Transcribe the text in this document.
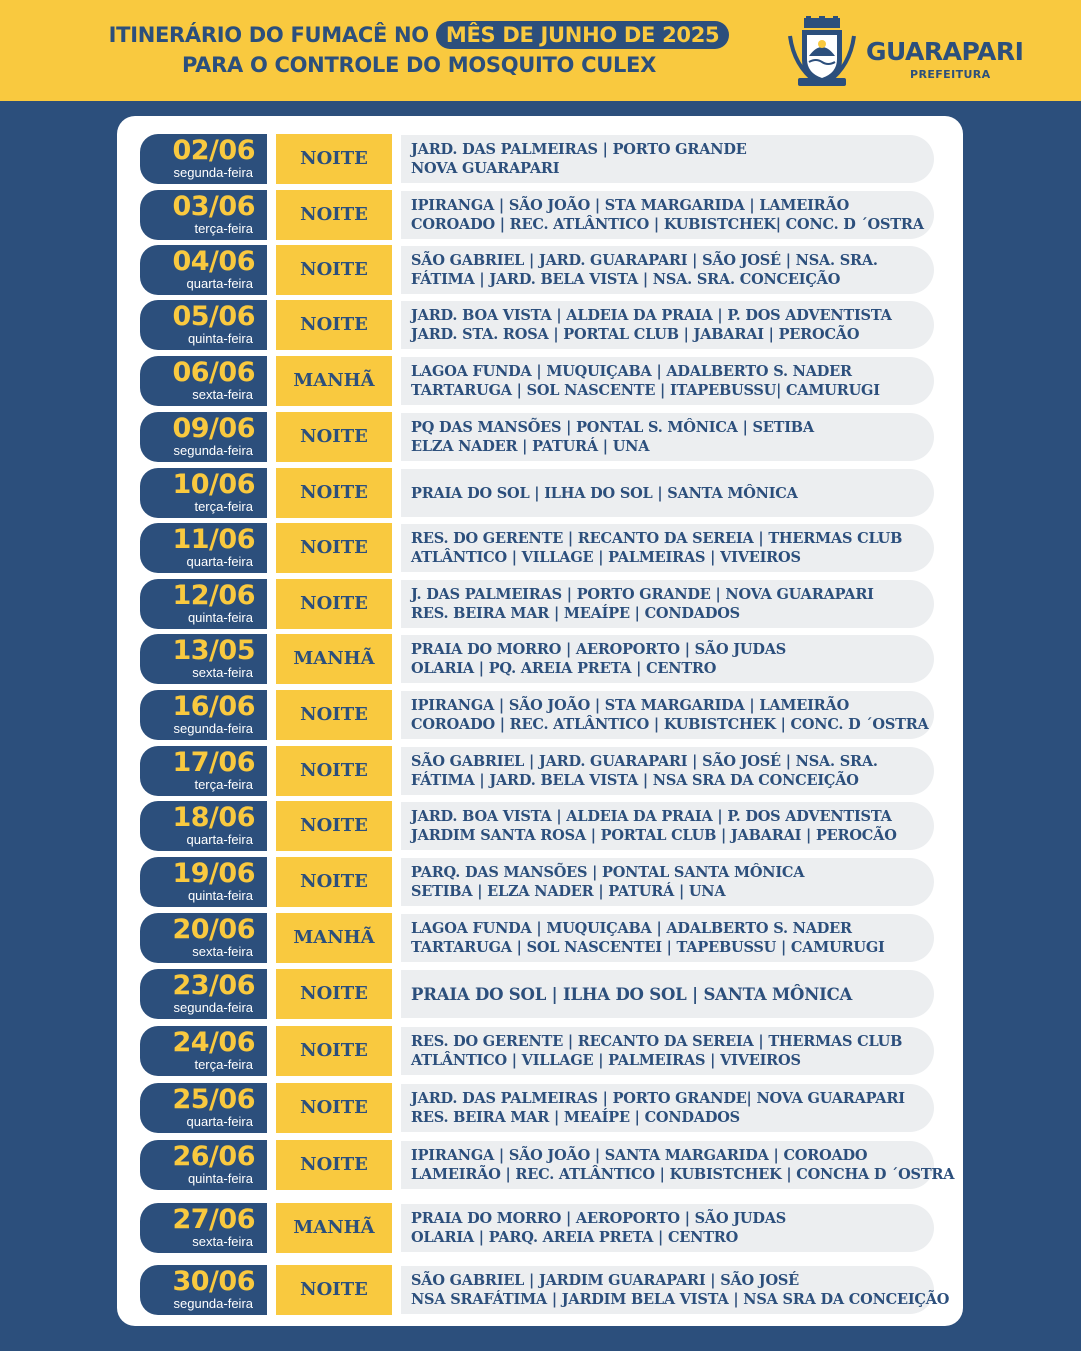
ITINERÁRIO DO FUMACÊ NO MÊS DE JUNHO DE 2025
PARA O CONTROLE DO MOSQUITO CULEX	GUARAPARI
PREFEITURA
02/06
segunda-feira
NOITE	JARD. DAS PALMEIRAS | PORTO GRANDE
NOVA GUARAPARI
03/06
terça-feira
NOITE	IPIRANGA | SÃO JOÃO | STA MARGARIDA | LAMEIRÃO
COROADO | REC. ATLÂNTICO | KUBISTCHEK| CONC. D ´OSTRA
04/06
quarta-feira
NOITE	SÃO GABRIEL | JARD. GUARAPARI | SÃO JOSÉ | NSA. SRA.
FÁTIMA | JARD. BELA VISTA | NSA. SRA. CONCEIÇÃO
05/06
quinta-feira
NOITE	JARD. BOA VISTA | ALDEIA DA PRAIA | P. DOS ADVENTISTA
JARD. STA. ROSA | PORTAL CLUB | JABARAI | PEROCÃO
06/06
sexta-feira
MANHÃ	LAGOA FUNDA | MUQUIÇABA | ADALBERTO S. NADER
TARTARUGA | SOL NASCENTE | ITAPEBUSSU| CAMURUGI
09/06
segunda-feira
NOITE	PQ DAS MANSÕES | PONTAL S. MÔNICA | SETIBA
ELZA NADER | PATURÁ | UNA
10/06
terça-feira
NOITE	PRAIA DO SOL | ILHA DO SOL | SANTA MÔNICA
11/06
quarta-feira
NOITE	RES. DO GERENTE | RECANTO DA SEREIA | THERMAS CLUB
ATLÂNTICO | VILLAGE | PALMEIRAS | VIVEIROS
12/06
quinta-feira
NOITE	J. DAS PALMEIRAS | PORTO GRANDE | NOVA GUARAPARI
RES. BEIRA MAR | MEAÍPE | CONDADOS
13/05
sexta-feira
MANHÃ	PRAIA DO MORRO | AEROPORTO | SÃO JUDAS
OLARIA | PQ. AREIA PRETA | CENTRO
16/06
segunda-feira
NOITE	IPIRANGA | SÃO JOÃO | STA MARGARIDA | LAMEIRÃO
COROADO | REC. ATLÂNTICO | KUBISTCHEK | CONC. D ´OSTRA
17/06
terça-feira
NOITE	SÃO GABRIEL | JARD. GUARAPARI | SÃO JOSÉ | NSA. SRA.
FÁTIMA | JARD. BELA VISTA | NSA SRA DA CONCEIÇÃO
18/06
quarta-feira
NOITE	JARD. BOA VISTA | ALDEIA DA PRAIA | P. DOS ADVENTISTA
JARDIM SANTA ROSA | PORTAL CLUB | JABARAI | PEROCÃO
19/06
quinta-feira
NOITE	PARQ. DAS MANSÕES | PONTAL SANTA MÔNICA
SETIBA | ELZA NADER | PATURÁ | UNA
20/06
sexta-feira
MANHÃ	LAGOA FUNDA | MUQUIÇABA | ADALBERTO S. NADER
TARTARUGA | SOL NASCENTEI | TAPEBUSSU | CAMURUGI
23/06
segunda-feira
NOITE	PRAIA DO SOL | ILHA DO SOL | SANTA MÔNICA
24/06
terça-feira
NOITE	RES. DO GERENTE | RECANTO DA SEREIA | THERMAS CLUB
ATLÂNTICO | VILLAGE | PALMEIRAS | VIVEIROS
25/06
quarta-feira
NOITE	JARD. DAS PALMEIRAS | PORTO GRANDE| NOVA GUARAPARI
RES. BEIRA MAR | MEAÍPE | CONDADOS
26/06
quinta-feira
NOITE	IPIRANGA | SÃO JOÃO | SANTA MARGARIDA | COROADO
LAMEIRÃO | REC. ATLÂNTICO | KUBISTCHEK | CONCHA D ´OSTRA
27/06
sexta-feira
MANHÃ	PRAIA DO MORRO | AEROPORTO | SÃO JUDAS
OLARIA | PARQ. AREIA PRETA | CENTRO
30/06
segunda-feira
NOITE	SÃO GABRIEL | JARDIM GUARAPARI | SÃO JOSÉ
NSA SRAFÁTIMA | JARDIM BELA VISTA | NSA SRA DA CONCEIÇÃO
